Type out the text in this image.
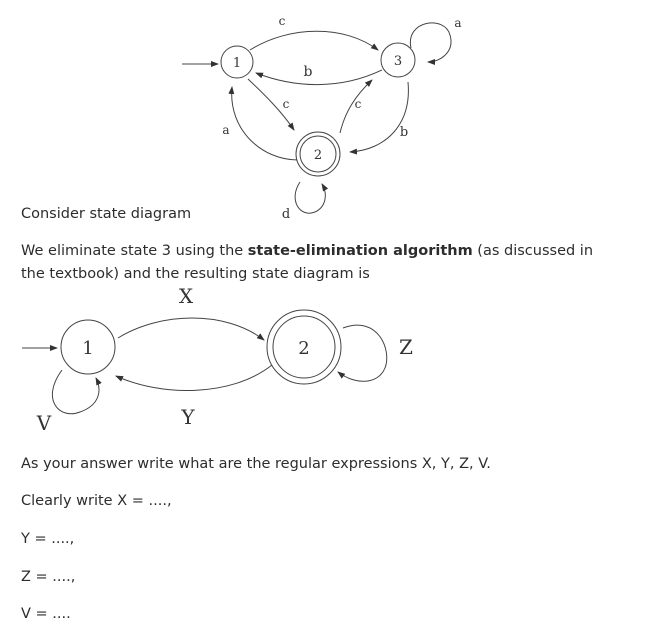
1	3
2
c
b
c
a
c
b
a
d

Consider state diagram

We eliminate state 3 using the state-elimination algorithm (as discussed in the textbook) and the resulting state diagram is

1	2
X
Y
Z
V

As your answer write what are the regular expressions X, Y, Z, V.

Clearly write X = ....,

Y = ....,

Z = ....,

V = ....
